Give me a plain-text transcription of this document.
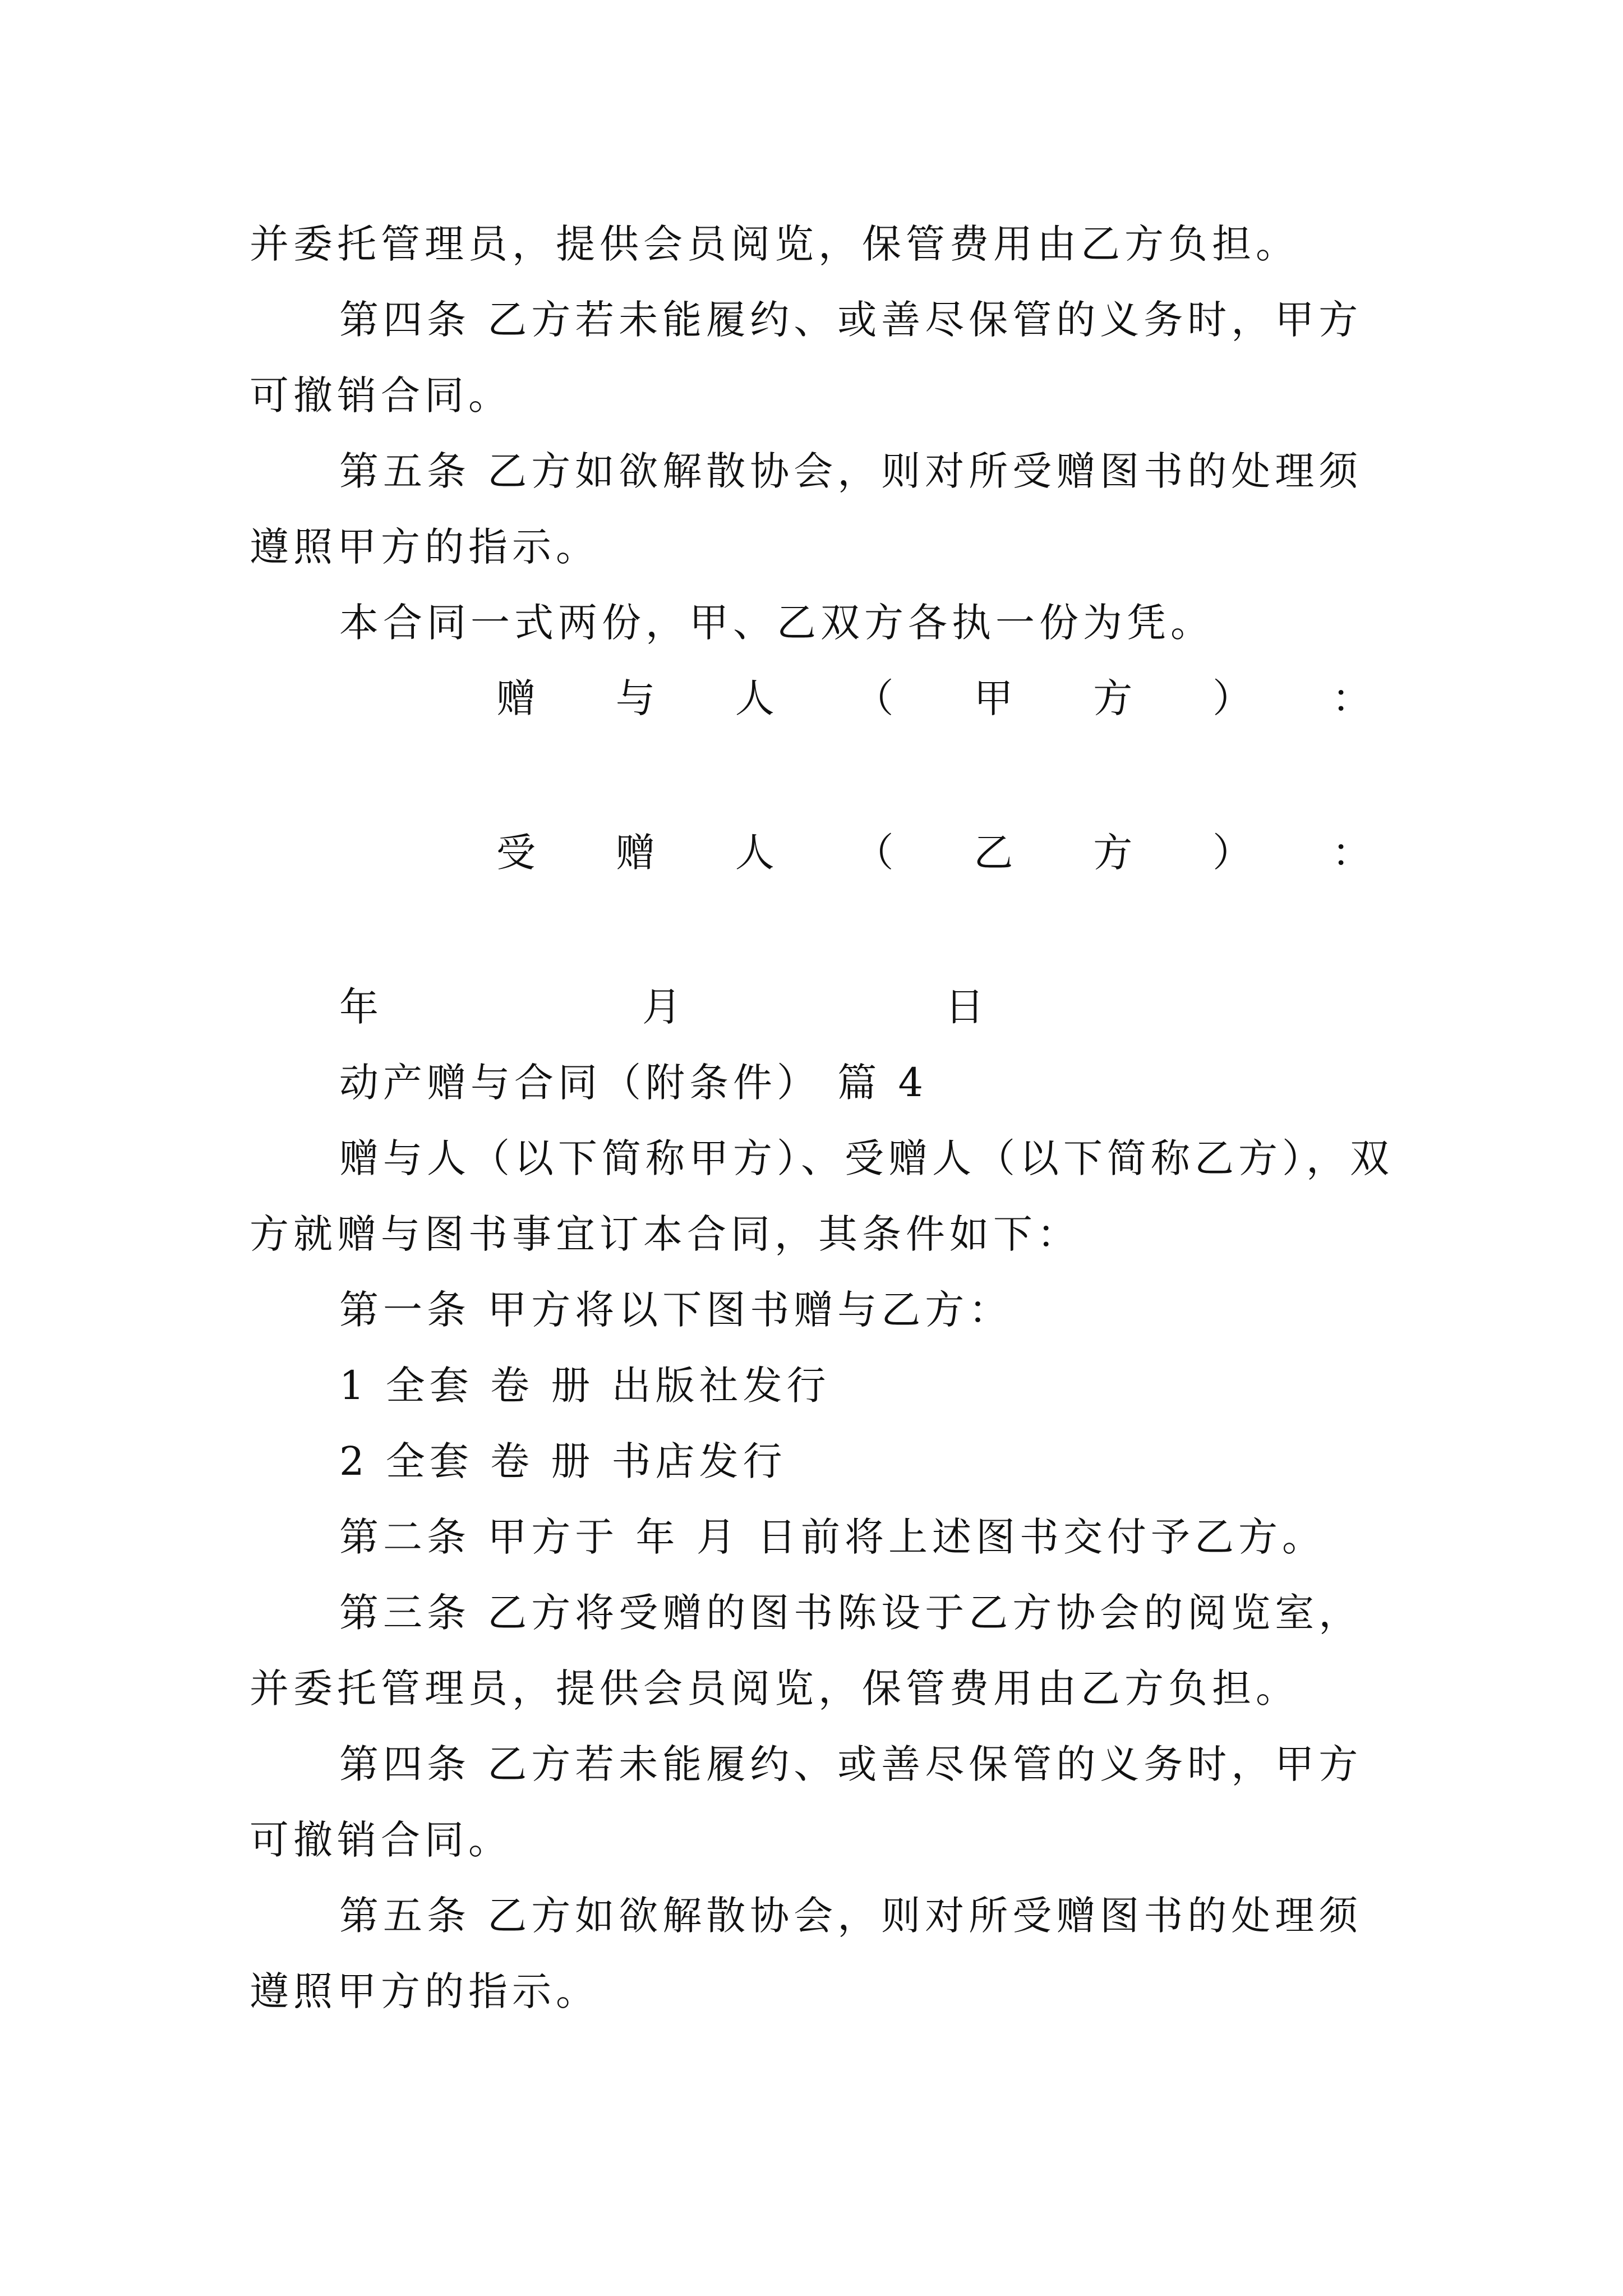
并委托管理员，提供会员阅览，保管费用由乙方负担。
第四条 乙方若未能履约、或善尽保管的义务时，甲方
可撤销合同。
第五条 乙方如欲解散协会，则对所受赠图书的处理须
遵照甲方的指示。
本合同一式两份，甲、乙双方各执一份为凭。
赠 与 人 （ 甲 方 ） ：
受 赠 人 （ 乙 方 ） ：
年	月	日
动产赠与合同（附条件） 篇 4
赠与人（以下简称甲方）、受赠人（以下简称乙方），双
方就赠与图书事宜订本合同，其条件如下：
第一条 甲方将以下图书赠与乙方：
1 全套 卷 册 出版社发行
2 全套 卷 册 书店发行
第二条 甲方于 年 月 日前将上述图书交付予乙方。
第三条 乙方将受赠的图书陈设于乙方协会的阅览室，
并委托管理员，提供会员阅览，保管费用由乙方负担。
第四条 乙方若未能履约、或善尽保管的义务时，甲方
可撤销合同。
第五条 乙方如欲解散协会，则对所受赠图书的处理须
遵照甲方的指示。
